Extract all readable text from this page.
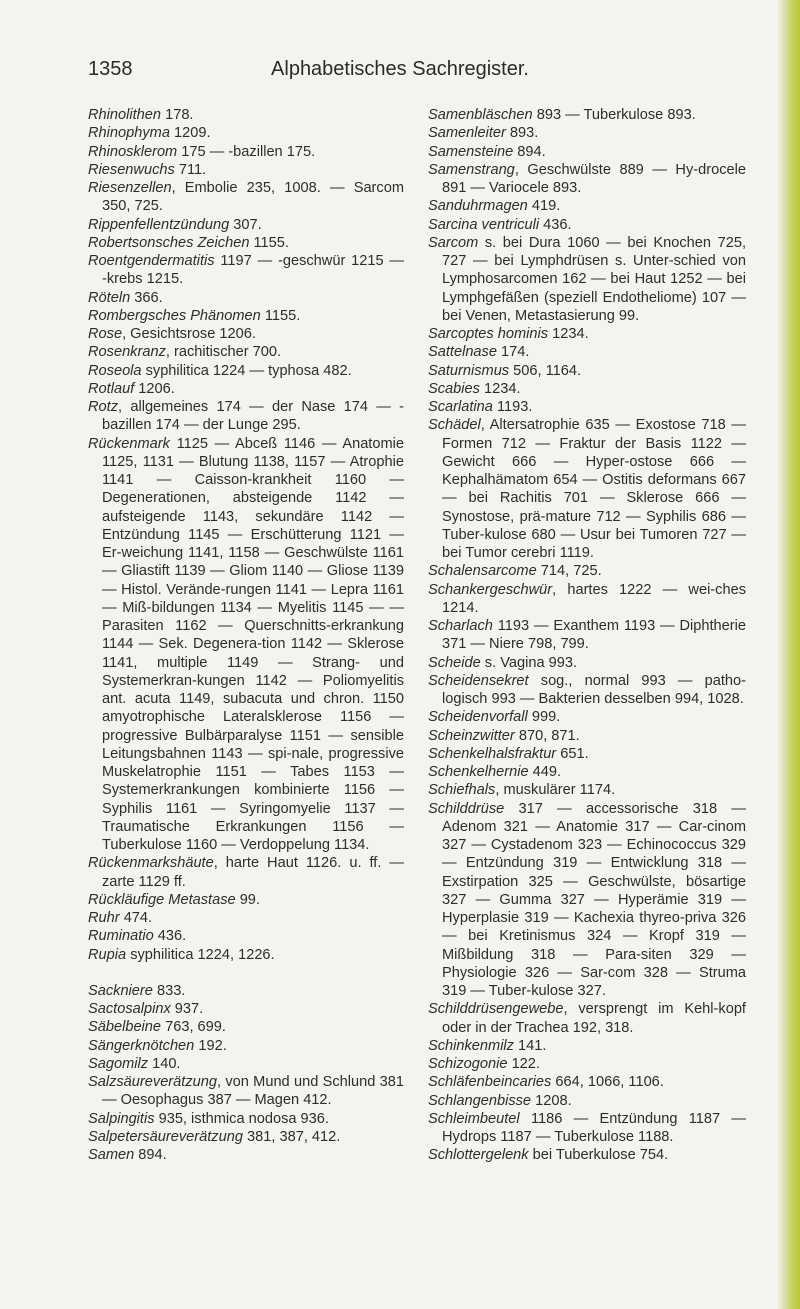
1358	Alphabetisches Sachregister.

Rhinolithen 178.

Rhinophyma 1209.

Rhinosklerom 175 — -bazillen 175.

Riesenwuchs 711.

Riesenzellen, Embolie 235, 1008. — Sarcom 350, 725.

Rippenfellentzündung 307.

Robertsonsches Zeichen 1155.

Roentgendermatitis 1197 — -geschwür 1215 — -krebs 1215.

Röteln 366.

Rombergsches Phänomen 1155.

Rose, Gesichtsrose 1206.

Rosenkranz, rachitischer 700.

Roseola syphilitica 1224 — typhosa 482.

Rotlauf 1206.

Rotz, allgemeines 174 — der Nase 174 — -bazillen 174 — der Lunge 295.

Rückenmark 1125 — Abceß 1146 — Anatomie 1125, 1131 — Blutung 1138, 1157 — Atrophie 1141 — Caisson-krankheit 1160 — Degenerationen, absteigende 1142 — aufsteigende 1143, sekundäre 1142 — Entzündung 1145 — Erschütterung 1121 — Er-weichung 1141, 1158 — Geschwülste 1161 — Gliastift 1139 — Gliom 1140 — Gliose 1139 — Histol. Verände-rungen 1141 — Lepra 1161 — Miß-bildungen 1134 — Myelitis 1145 — — Parasiten 1162 — Querschnitts-erkrankung 1144 — Sek. Degenera-tion 1142 — Sklerose 1141, multiple 1149 — Strang- und Systemerkran-kungen 1142 — Poliomyelitis ant. acuta 1149, subacuta und chron. 1150 amyotrophische Lateralsklerose 1156 — progressive Bulbärparalyse 1151 — sensible Leitungsbahnen 1143 — spi-nale, progressive Muskelatrophie 1151 — Tabes 1153 — Systemerkrankungen kombinierte 1156 — Syphilis 1161 — Syringomyelie 1137 — Traumatische Erkrankungen 1156 — Tuberkulose 1160 — Verdoppelung 1134.

Rückenmarkshäute, harte Haut 1126. u. ff. — zarte 1129 ff.

Rückläufige Metastase 99.

Ruhr 474.

Ruminatio 436.

Rupia syphilitica 1224, 1226.

Sackniere 833.

Sactosalpinx 937.

Säbelbeine 763, 699.

Sängerknötchen 192.

Sagomilz 140.

Salzsäureverätzung, von Mund und Schlund 381 — Oesophagus 387 — Magen 412.

Salpingitis 935, isthmica nodosa 936.

Salpetersäureverätzung 381, 387, 412.

Samen 894.

Samenbläschen 893 — Tuberkulose 893.

Samenleiter 893.

Samensteine 894.

Samenstrang, Geschwülste 889 — Hy-drocele 891 — Variocele 893.

Sanduhrmagen 419.

Sarcina ventriculi 436.

Sarcom s. bei Dura 1060 — bei Knochen 725, 727 — bei Lymphdrüsen s. Unter-schied von Lymphosarcomen 162 — bei Haut 1252 — bei Lymphgefäßen (speziell Endotheliome) 107 — bei Venen, Metastasierung 99.

Sarcoptes hominis 1234.

Sattelnase 174.

Saturnismus 506, 1164.

Scabies 1234.

Scarlatina 1193.

Schädel, Altersatrophie 635 — Exostose 718 — Formen 712 — Fraktur der Basis 1122 — Gewicht 666 — Hyper-ostose 666 — Kephalhämatom 654 — Ostitis deformans 667 — bei Rachitis 701 — Sklerose 666 — Synostose, prä-mature 712 — Syphilis 686 — Tuber-kulose 680 — Usur bei Tumoren 727 — bei Tumor cerebri 1119.

Schalensarcome 714, 725.

Schankergeschwür, hartes 1222 — wei-ches 1214.

Scharlach 1193 — Exanthem 1193 — Diphtherie 371 — Niere 798, 799.

Scheide s. Vagina 993.

Scheidensekret sog., normal 993 — patho-logisch 993 — Bakterien desselben 994, 1028.

Scheidenvorfall 999.

Scheinzwitter 870, 871.

Schenkelhalsfraktur 651.

Schenkelhernie 449.

Schiefhals, muskulärer 1174.

Schilddrüse 317 — accessorische 318 — Adenom 321 — Anatomie 317 — Car-cinom 327 — Cystadenom 323 — Echinococcus 329 — Entzündung 319 — Entwicklung 318 — Exstirpation 325 — Geschwülste, bösartige 327 — Gumma 327 — Hyperämie 319 — Hyperplasie 319 — Kachexia thyreo-priva 326 — bei Kretinismus 324 — Kropf 319 — Mißbildung 318 — Para-siten 329 — Physiologie 326 — Sar-com 328 — Struma 319 — Tuber-kulose 327.

Schilddrüsengewebe, versprengt im Kehl-kopf oder in der Trachea 192, 318.

Schinkenmilz 141.

Schizogonie 122.

Schläfenbeincaries 664, 1066, 1106.

Schlangenbisse 1208.

Schleimbeutel 1186 — Entzündung 1187 — Hydrops 1187 — Tuberkulose 1188.

Schlottergelenk bei Tuberkulose 754.
